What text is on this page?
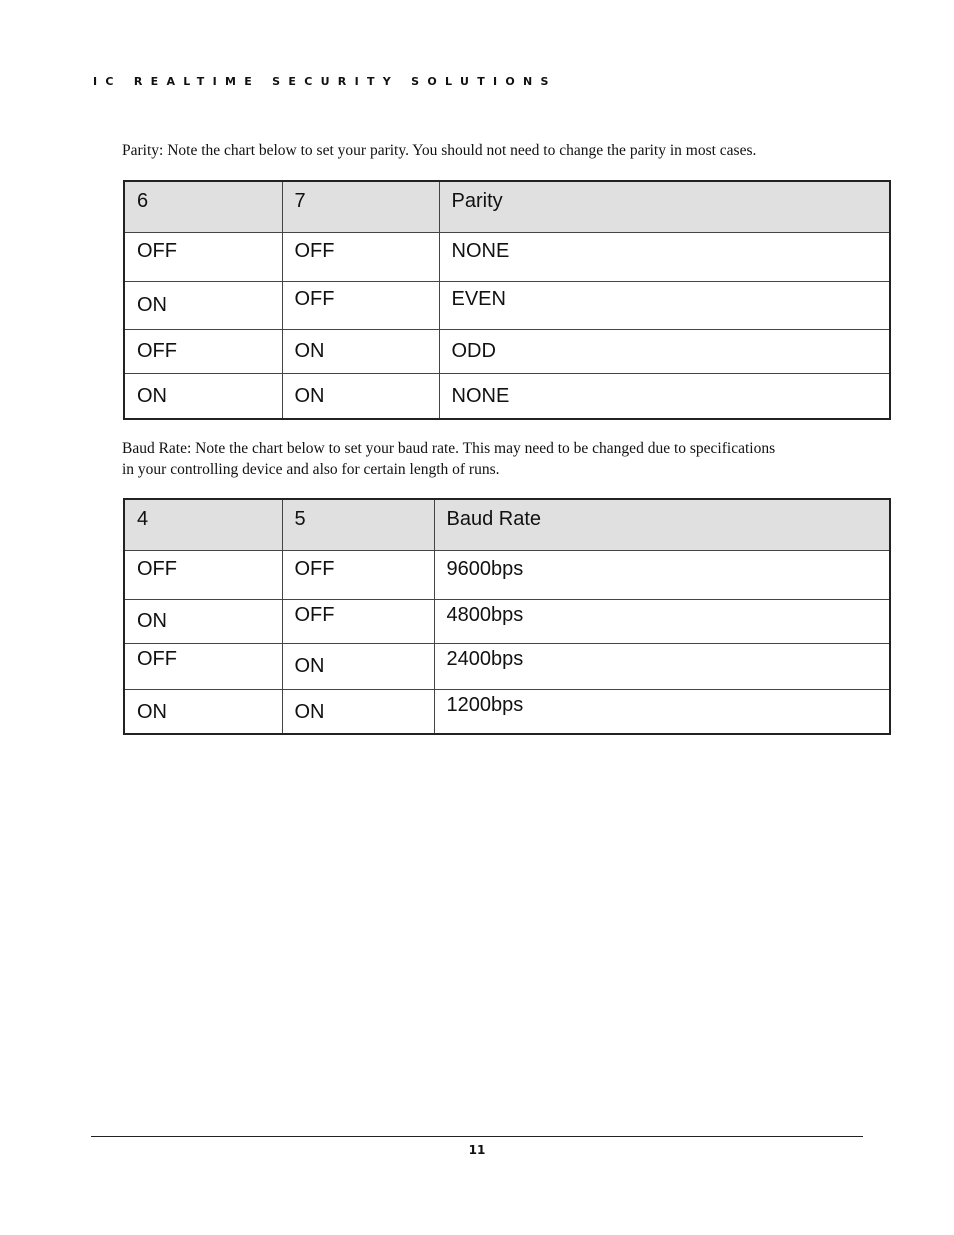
IC REALTIME SECURITY SOLUTIONS
Parity: Note the chart below to set your parity. You should not need to change the parity in most cases.
6	7	Parity
OFF	OFF	NONE
ON	OFF	EVEN
OFF	ON	ODD
ON	ON	NONE
Baud Rate: Note the chart below to set your baud rate. This may need to be changed due to specifications
in your controlling device and also for certain length of runs.
4	5	Baud Rate
OFF	OFF	9600bps
ON	OFF	4800bps
OFF	ON	2400bps
ON	ON	1200bps
11
